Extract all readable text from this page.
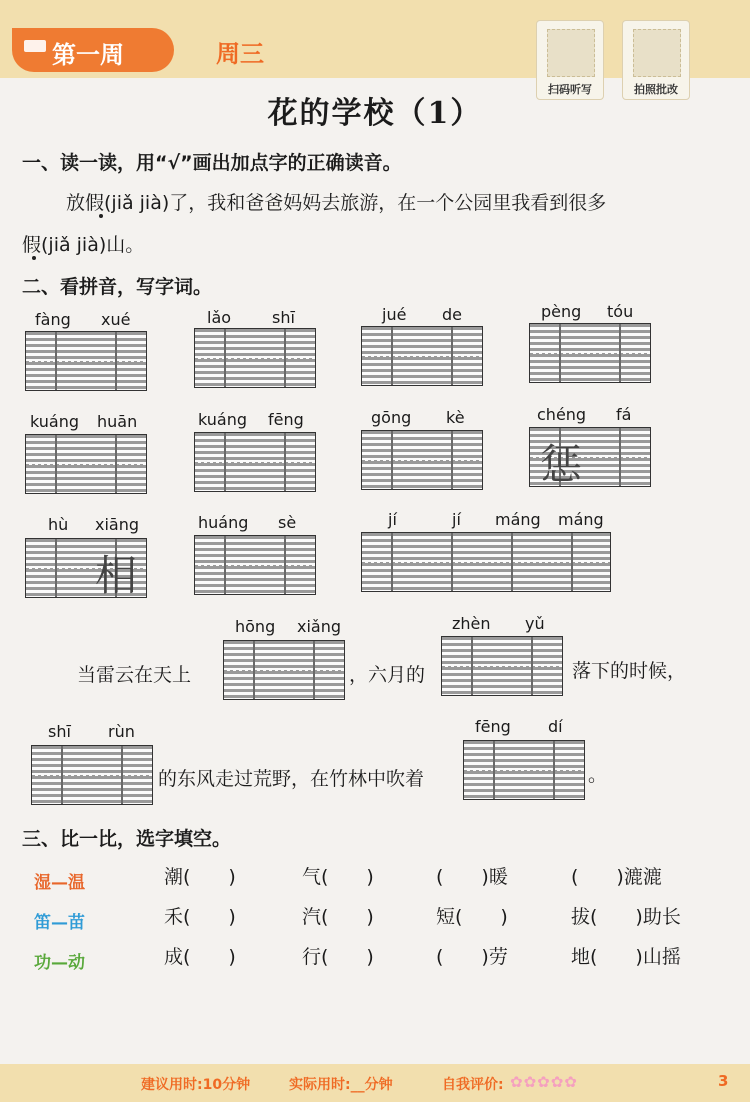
第一周	周三
扫码听写	拍照批改
花的学校（1）
一、读一读，用“√”画出加点字的正确读音。
放假(jiǎ jià)了，我和爸爸妈妈去旅游，在一个公园里我看到很多
假(jiǎ jià)山。
二、看拼音，写字词。
fàng xué	lǎo	shī	jué de	pèng tóu
kuáng huān	kuáng fēng	gōng kè	chéng fá
惩
hù xiāng
相
huáng sè	jí	jí máng máng
hōng xiǎng
当雷云在天上	，六月的
zhèn yǔ
落下的时候，
shī rùn
的东风走过荒野，在竹林中吹着
fēng dí
。
三、比一比，选字填空。
湿—温	潮(　　)	气(　　)	(　　)暖	(　　)漉漉
笛—苗	禾(　　)	汽(　　)	短(　　)	拔(　　)助长
功—动	成(　　)	行(　　)	(　　)劳	地(　　)山摇
建议用时:10分钟	实际用时:__分钟	自我评价: ✿✿✿✿✿	3
